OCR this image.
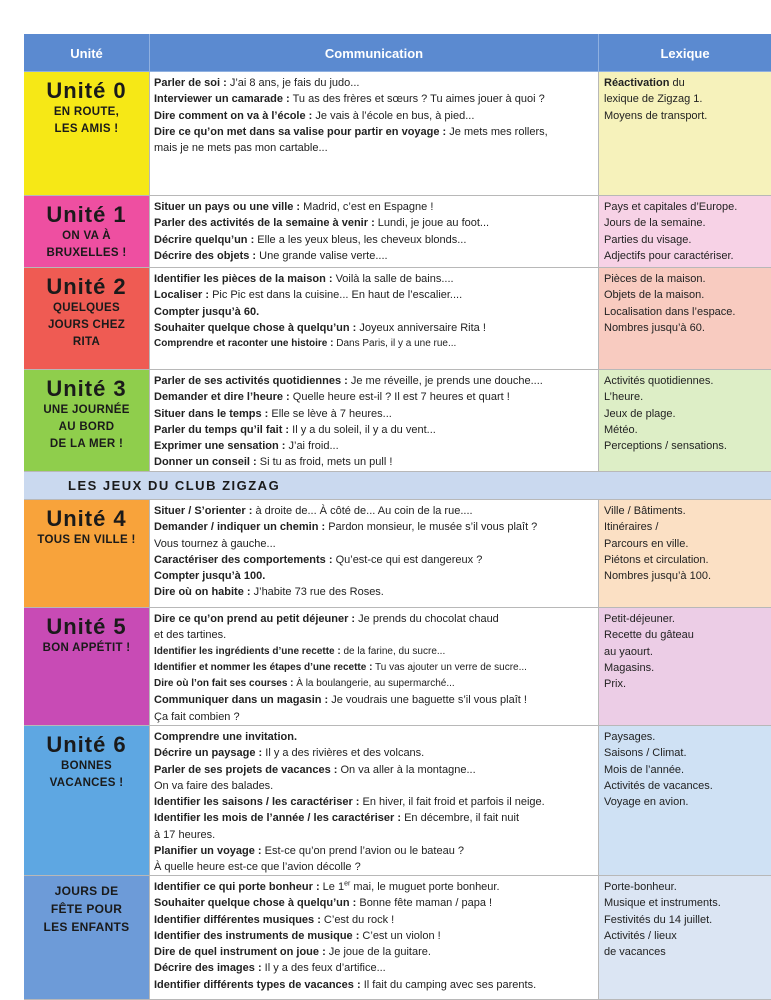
Unité	Communication	Lexique
Unité 0
EN ROUTE,
LES AMIS !
Parler de soi : J’ai 8 ans, je fais du judo...
Interviewer un camarade : Tu as des frères et sœurs ? Tu aimes jouer à quoi ?
Dire comment on va à l’école : Je vais à l’école en bus, à pied...
Dire ce qu’on met dans sa valise pour partir en voyage : Je mets mes rollers,
mais je ne mets pas mon cartable...
Réactivation du
lexique de Zigzag 1.
Moyens de transport.
Unité 1
ON VA À
BRUXELLES !
Situer un pays ou une ville : Madrid, c’est en Espagne !
Parler des activités de la semaine à venir : Lundi, je joue au foot...
Décrire quelqu’un : Elle a les yeux bleus, les cheveux blonds...
Décrire des objets : Une grande valise verte....
Pays et capitales d’Europe.
Jours de la semaine.
Parties du visage.
Adjectifs pour caractériser.
Unité 2
QUELQUES
JOURS CHEZ
RITA
Identifier les pièces de la maison : Voilà la salle de bains....
Localiser : Pic Pic est dans la cuisine... En haut de l’escalier....
Compter jusqu’à 60.
Souhaiter quelque chose à quelqu’un : Joyeux anniversaire Rita !
Comprendre et raconter une histoire : Dans Paris, il y a une rue...
Pièces de la maison.
Objets de la maison.
Localisation dans l’espace.
Nombres jusqu’à 60.
Unité 3
UNE JOURNÉE
AU BORD
DE LA MER !
Parler de ses activités quotidiennes : Je me réveille, je prends une douche....
Demander et dire l’heure : Quelle heure est-il ? Il est 7 heures et quart !
Situer dans le temps : Elle se lève à 7 heures...
Parler du temps qu’il fait : Il y a du soleil, il y a du vent...
Exprimer une sensation : J’ai froid...
Donner un conseil : Si tu as froid, mets un pull !
Activités quotidiennes.
L’heure.
Jeux de plage.
Météo.
Perceptions / sensations.
LES JEUX DU CLUB ZIGZAG
Unité 4
TOUS EN VILLE !
Situer / S’orienter : à droite de... À côté de... Au coin de la rue....
Demander / indiquer un chemin : Pardon monsieur, le musée s’il vous plaît ?
Vous tournez à gauche...
Caractériser des comportements : Qu’est-ce qui est dangereux ?
Compter jusqu’à 100.
Dire où on habite : J’habite 73 rue des Roses.
Ville / Bâtiments.
Itinéraires /
Parcours en ville.
Piétons et circulation.
Nombres jusqu’à 100.
Unité 5
BON APPÉTIT !
Dire ce qu’on prend au petit déjeuner : Je prends du chocolat chaud
et des tartines.
Identifier les ingrédients d’une recette : de la farine, du sucre...
Identifier et nommer les étapes d’une recette : Tu vas ajouter un verre de sucre...
Dire où l’on fait ses courses : À la boulangerie, au supermarché...
Communiquer dans un magasin : Je voudrais une baguette s’il vous plaît !
Ça fait combien ?
Petit-déjeuner.
Recette du gâteau
au yaourt.
Magasins.
Prix.
Unité 6
BONNES
VACANCES !
Comprendre une invitation.
Décrire un paysage : Il y a des rivières et des volcans.
Parler de ses projets de vacances : On va aller à la montagne...
On va faire des balades.
Identifier les saisons / les caractériser : En hiver, il fait froid et parfois il neige.
Identifier les mois de l’année / les caractériser : En décembre, il fait nuit
à 17 heures.
Planifier un voyage : Est-ce qu’on prend l’avion ou le bateau ?
À quelle heure est-ce que l’avion décolle ?
Paysages.
Saisons / Climat.
Mois de l’année.
Activités de vacances.
Voyage en avion.
JOURS DE
FÊTE POUR
LES ENFANTS
Identifier ce qui porte bonheur : Le 1er mai, le muguet porte bonheur.
Souhaiter quelque chose à quelqu’un : Bonne fête maman / papa !
Identifier différentes musiques : C’est du rock !
Identifier des instruments de musique : C’est un violon !
Dire de quel instrument on joue : Je joue de la guitare.
Décrire des images : Il y a des feux d’artifice...
Identifier différents types de vacances : Il fait du camping avec ses parents.
Porte-bonheur.
Musique et instruments.
Festivités du 14 juillet.
Activités / lieux
de vacances
